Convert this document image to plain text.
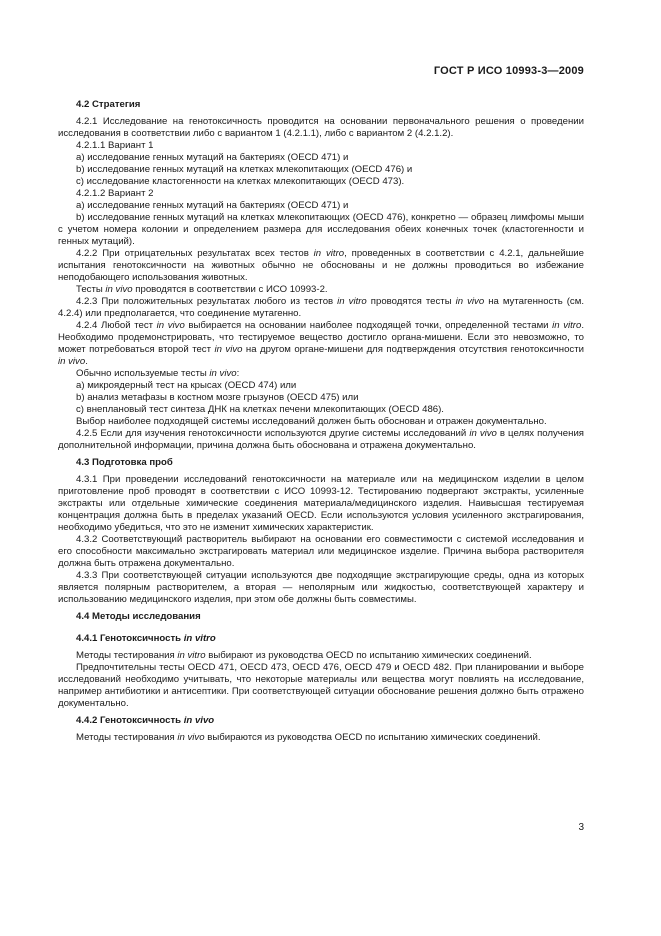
ГОСТ Р ИСО 10993-3—2009
4.2 Стратегия

4.2.1 Исследование на генотоксичность проводится на основании первоначального решения о проведении исследования в соответствии либо с вариантом 1 (4.2.1.1), либо с вариантом 2 (4.2.1.2).

4.2.1.1 Вариант 1

a) исследование генных мутаций на бактериях (OECD 471) и

b) исследование генных мутаций на клетках млекопитающих (OECD 476) и

c) исследование кластогенности на клетках млекопитающих (OECD 473).

4.2.1.2 Вариант 2

a) исследование генных мутаций на бактериях (OECD 471) и

b) исследование генных мутаций на клетках млекопитающих (OECD 476), конкретно — образец лимфомы мыши с учетом номера колонии и определением размера для исследования обеих конечных точек (кластогенности и генных мутаций).

4.2.2 При отрицательных результатах всех тестов in vitro, проведенных в соответствии с 4.2.1, дальнейшие испытания генотоксичности на животных обычно не обоснованы и не должны проводиться во избежание неподобающего использования животных.

Тесты in vivo проводятся в соответствии с ИСО 10993-2.

4.2.3 При положительных результатах любого из тестов in vitro проводятся тесты in vivo на мутагенность (см. 4.2.4) или предполагается, что соединение мутагенно.

4.2.4 Любой тест in vivo выбирается на основании наиболее подходящей точки, определенной тестами in vitro. Необходимо продемонстрировать, что тестируемое вещество достигло органа-мишени. Если это невозможно, то может потребоваться второй тест in vivo на другом органе-мишени для подтверждения отсутствия генотоксичности in vivo.

Обычно используемые тесты in vivo:

a) микроядерный тест на крысах (OECD 474) или

b) анализ метафазы в костном мозге грызунов (OECD 475) или

c) внеплановый тест синтеза ДНК на клетках печени млекопитающих (OECD 486).

Выбор наиболее подходящей системы исследований должен быть обоснован и отражен документально.

4.2.5 Если для изучения генотоксичности используются другие системы исследований in vivo в целях получения дополнительной информации, причина должна быть обоснована и отражена документально.

4.3 Подготовка проб

4.3.1 При проведении исследований генотоксичности на материале или на медицинском изделии в целом приготовление проб проводят в соответствии с ИСО 10993-12. Тестированию подвергают экстракты, усиленные экстракты или отдельные химические соединения материала/медицинского изделия. Наивысшая тестируемая концентрация должна быть в пределах указаний OECD. Если используются условия усиленного экстрагирования, необходимо убедиться, что это не изменит химических характеристик.

4.3.2 Соответствующий растворитель выбирают на основании его совместимости с системой исследования и его способности максимально экстрагировать материал или медицинское изделие. Причина выбора растворителя должна быть отражена документально.

4.3.3 При соответствующей ситуации используются две подходящие экстрагирующие среды, одна из которых является полярным растворителем, а вторая — неполярным или жидкостью, соответствующей характеру и использованию медицинского изделия, при этом обе должны быть совместимы.

4.4 Методы исследования
4.4.1 Генотоксичность in vitro

Методы тестирования in vitro выбирают из руководства OECD по испытанию химических соединений.

Предпочтительны тесты OECD 471, OECD 473, OECD 476, OECD 479 и OECD 482. При планировании и выборе исследований необходимо учитывать, что некоторые материалы или вещества могут повлиять на исследование, например антибиотики и антисептики. При соответствующей ситуации обоснование решения должно быть отражено документально.

4.4.2 Генотоксичность in vivo

Методы тестирования in vivo выбираются из руководства OECD по испытанию химических соединений.

3
